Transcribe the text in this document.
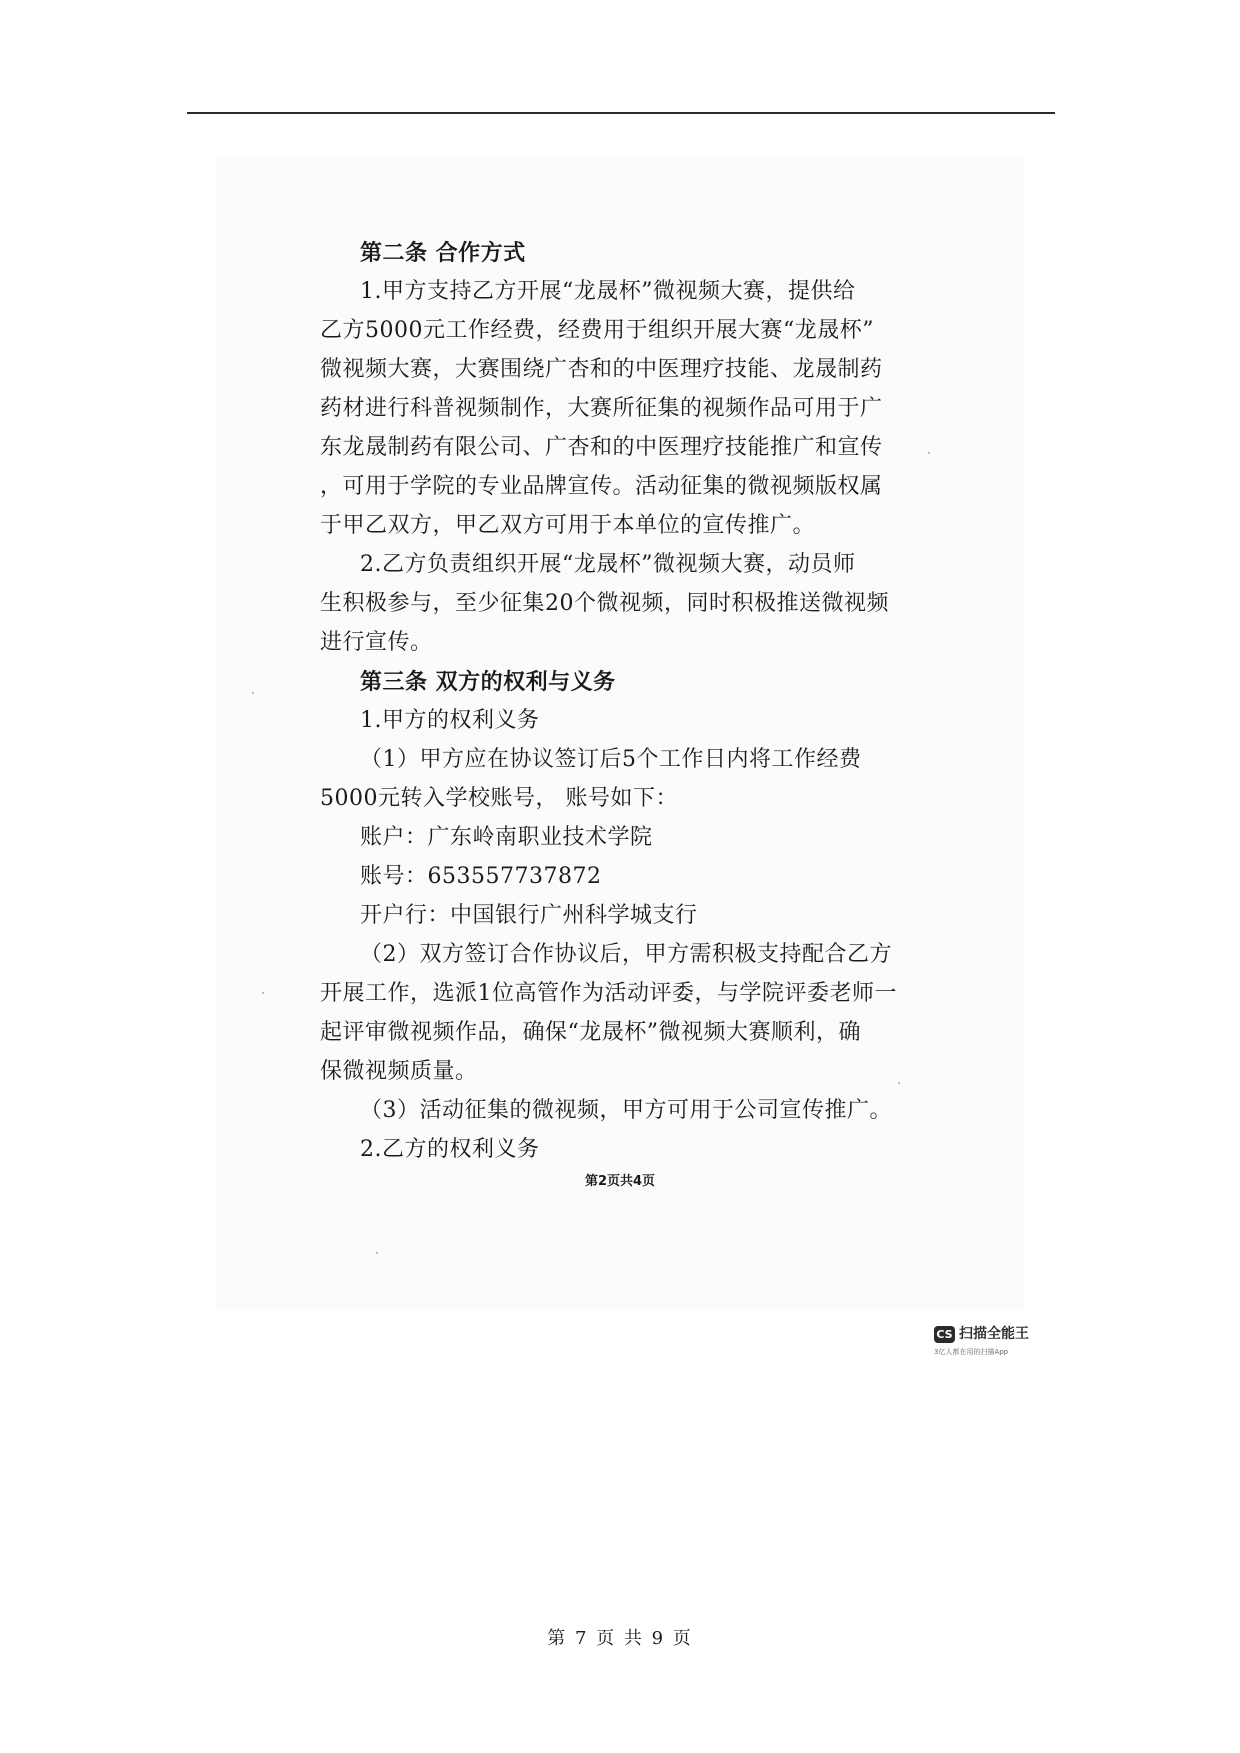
第二条 合作方式
1.甲方支持乙方开展“龙晟杯”微视频大赛，提供给
乙方5000元工作经费，经费用于组织开展大赛“龙晟杯”
微视频大赛，大赛围绕广杏和的中医理疗技能、龙晟制药
药材进行科普视频制作，大赛所征集的视频作品可用于广
东龙晟制药有限公司、广杏和的中医理疗技能推广和宣传
，可用于学院的专业品牌宣传。活动征集的微视频版权属
于甲乙双方，甲乙双方可用于本单位的宣传推广。
2.乙方负责组织开展“龙晟杯”微视频大赛，动员师
生积极参与，至少征集20个微视频，同时积极推送微视频
进行宣传。
第三条 双方的权利与义务
1.甲方的权利义务
（1）甲方应在协议签订后5个工作日内将工作经费
5000元转入学校账号， 账号如下：
账户：广东岭南职业技术学院
账号：653557737872
开户行：中国银行广州科学城支行
（2）双方签订合作协议后，甲方需积极支持配合乙方
开展工作，选派1位高管作为活动评委，与学院评委老师一
起评审微视频作品，确保“龙晟杯”微视频大赛顺利，确
保微视频质量。
（3）活动征集的微视频，甲方可用于公司宣传推广。
2.乙方的权利义务
第2页共4页
CS 扫描全能王
3亿人都在用的扫描App
第 7 页 共 9 页
